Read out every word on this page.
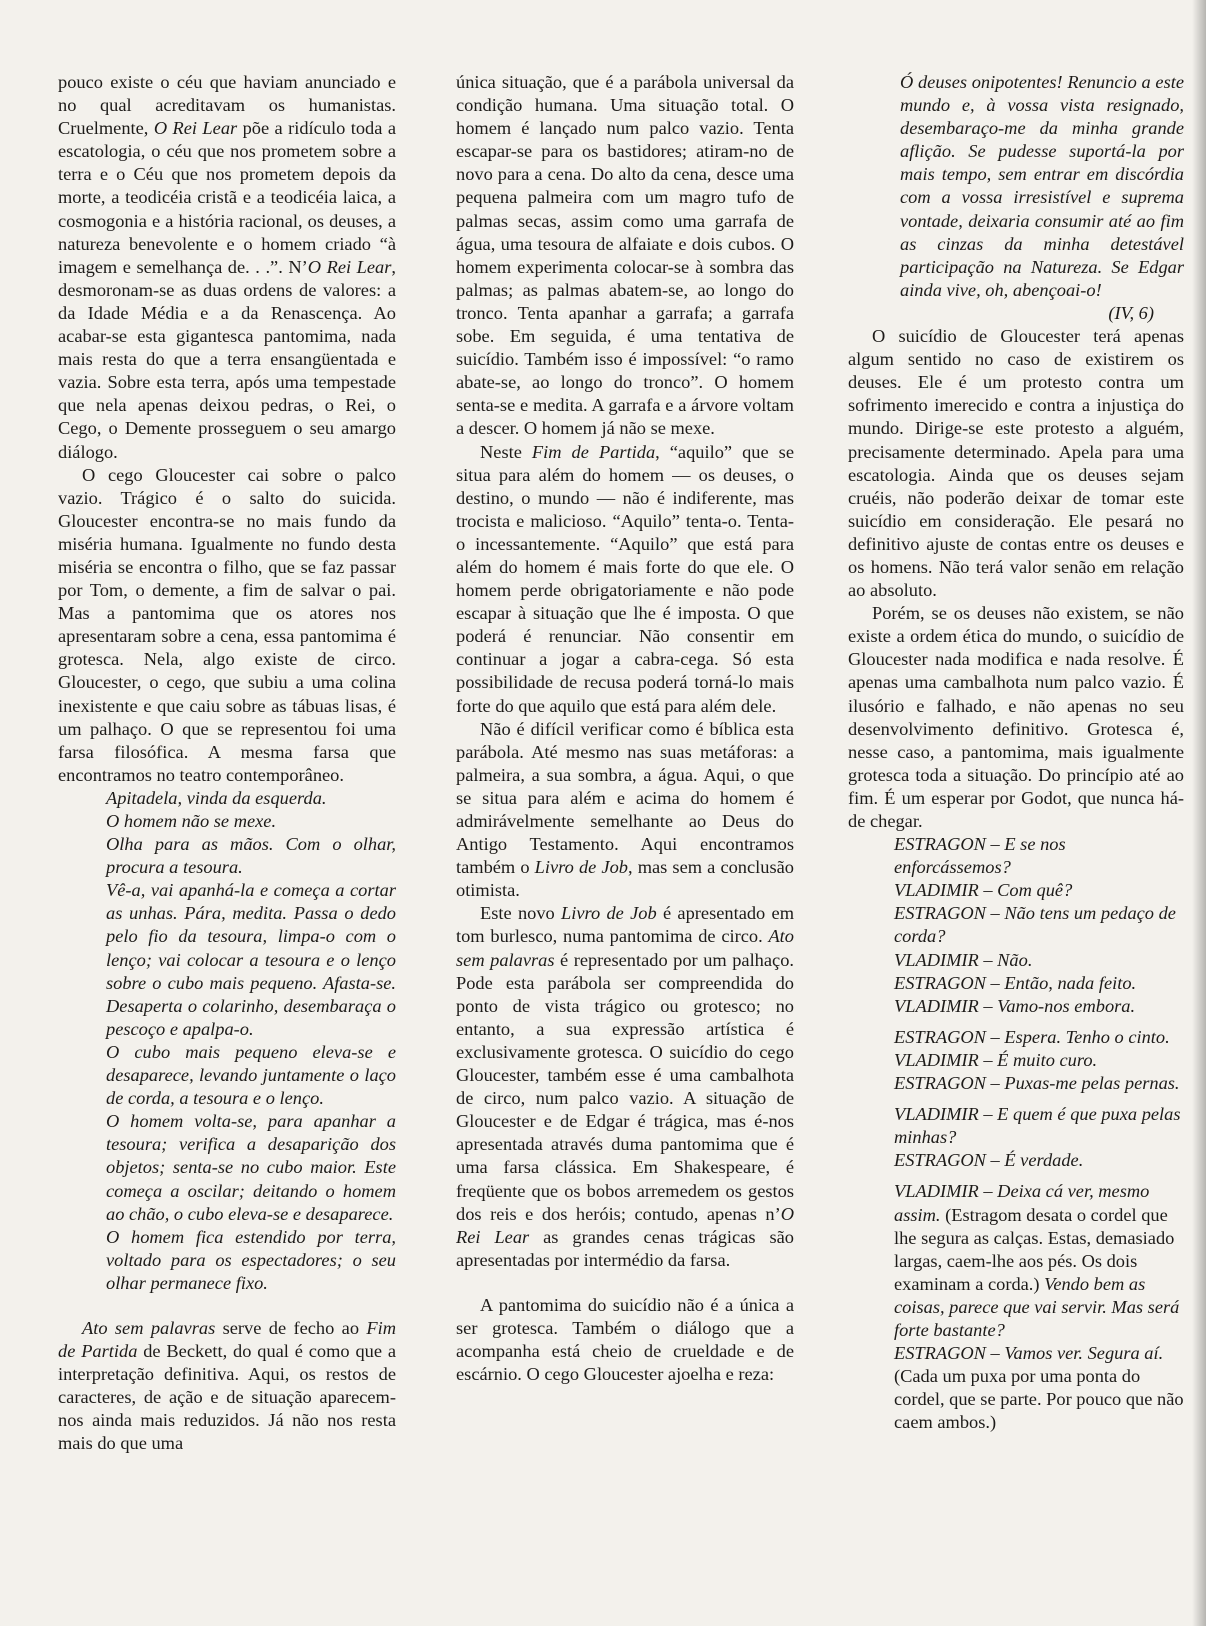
pouco existe o céu que haviam anunciado e no qual acreditavam os humanistas. Cruelmente, O Rei Lear põe a ridículo toda a escatologia, o céu que nos prometem sobre a terra e o Céu que nos prometem depois da morte, a teodicéia cristã e a teodicéia laica, a cosmogonia e a história racional, os deuses, a natureza benevolente e o homem criado “à imagem e semelhança de. . .”. N’O Rei Lear, desmoronam-se as duas ordens de valores: a da Idade Média e a da Renascença. Ao acabar-se esta gigantesca pantomima, nada mais resta do que a terra ensangüentada e vazia. Sobre esta terra, após uma tempestade que nela apenas deixou pedras, o Rei, o Cego, o Demente prosseguem o seu amargo diálogo.

O cego Gloucester cai sobre o palco vazio. Trágico é o salto do suicida. Gloucester encontra-se no mais fundo da miséria humana. Igualmente no fundo desta miséria se encontra o filho, que se faz passar por Tom, o demente, a fim de salvar o pai. Mas a pantomima que os atores nos apresentaram sobre a cena, essa pantomima é grotesca. Nela, algo existe de circo. Gloucester, o cego, que subiu a uma colina inexistente e que caiu sobre as tábuas lisas, é um palhaço. O que se representou foi uma farsa filosófica. A mesma farsa que encontramos no teatro contemporâneo.

Apitadela, vinda da esquerda.

O homem não se mexe.

Olha para as mãos. Com o olhar, procura a tesoura.

Vê-a, vai apanhá-la e começa a cortar as unhas. Pára, medita. Passa o dedo pelo fio da tesoura, limpa-o com o lenço; vai colocar a tesoura e o lenço sobre o cubo mais pequeno. Afasta-se. Desaperta o colarinho, desembaraça o pescoço e apalpa-o.

O cubo mais pequeno eleva-se e desaparece, levando juntamente o laço de corda, a tesoura e o lenço.

O homem volta-se, para apanhar a tesoura; verifica a desaparição dos objetos; senta-se no cubo maior. Este começa a oscilar; deitando o homem ao chão, o cubo eleva-se e desaparece.

O homem fica estendido por terra, voltado para os espectadores; o seu olhar permanece fixo.

Ato sem palavras serve de fecho ao Fim de Partida de Beckett, do qual é como que a interpretação definitiva. Aqui, os restos de caracteres, de ação e de situação aparecem-nos ainda mais reduzidos. Já não nos resta mais do que uma

única situação, que é a parábola universal da condição humana. Uma situação total. O homem é lançado num palco vazio. Tenta escapar-se para os bastidores; atiram-no de novo para a cena. Do alto da cena, desce uma pequena palmeira com um magro tufo de palmas secas, assim como uma garrafa de água, uma tesoura de alfaiate e dois cubos. O homem experimenta colocar-se à sombra das palmas; as palmas abatem-se, ao longo do tronco. Tenta apanhar a garrafa; a garrafa sobe. Em seguida, é uma tentativa de suicídio. Também isso é impossível: “o ramo abate-se, ao longo do tronco”. O homem senta-se e medita. A garrafa e a árvore voltam a descer. O homem já não se mexe.

Neste Fim de Partida, “aquilo” que se situa para além do homem — os deuses, o destino, o mundo — não é indiferente, mas trocista e malicioso. “Aquilo” tenta-o. Tenta-o incessantemente. “Aquilo” que está para além do homem é mais forte do que ele. O homem perde obrigatoriamente e não pode escapar à situação que lhe é imposta. O que poderá é renunciar. Não consentir em continuar a jogar a cabra-cega. Só esta possibilidade de recusa poderá torná-lo mais forte do que aquilo que está para além dele.

Não é difícil verificar como é bíblica esta parábola. Até mesmo nas suas metáforas: a palmeira, a sua sombra, a água. Aqui, o que se situa para além e acima do homem é admirávelmente semelhante ao Deus do Antigo Testamento. Aqui encontramos também o Livro de Job, mas sem a conclusão otimista.

Este novo Livro de Job é apresentado em tom burlesco, numa pantomima de circo. Ato sem palavras é representado por um palhaço. Pode esta parábola ser compreendida do ponto de vista trágico ou grotesco; no entanto, a sua expressão artística é exclusivamente grotesca. O suicídio do cego Gloucester, também esse é uma cambalhota de circo, num palco vazio. A situação de Gloucester e de Edgar é trágica, mas é-nos apresentada através duma pantomima que é uma farsa clássica. Em Shakespeare, é freqüente que os bobos arremedem os gestos dos reis e dos heróis; contudo, apenas n’O Rei Lear as grandes cenas trágicas são apresentadas por intermédio da farsa.

A pantomima do suicídio não é a única a ser grotesca. Também o diálogo que a acompanha está cheio de crueldade e de escárnio. O cego Gloucester ajoelha e reza:

Ó deuses onipotentes! Renuncio a este mundo e, à vossa vista resignado, desembaraço-me da minha grande aflição. Se pudesse suportá-la por mais tempo, sem entrar em discórdia com a vossa irresistível e suprema vontade, deixaria consumir até ao fim as cinzas da minha detestável participação na Natureza. Se Edgar ainda vive, oh, abençoai-o!

(IV, 6)

O suicídio de Gloucester terá apenas algum sentido no caso de existirem os deuses. Ele é um protesto contra um sofrimento imerecido e contra a injustiça do mundo. Dirige-se este protesto a alguém, precisamente determinado. Apela para uma escatologia. Ainda que os deuses sejam cruéis, não poderão deixar de tomar este suicídio em consideração. Ele pesará no definitivo ajuste de contas entre os deuses e os homens. Não terá valor senão em relação ao absoluto.

Porém, se os deuses não existem, se não existe a ordem ética do mundo, o suicídio de Gloucester nada modifica e nada resolve. É apenas uma cambalhota num palco vazio. É ilusório e falhado, e não apenas no seu desenvolvimento definitivo. Grotesca é, nesse caso, a pantomima, mais igualmente grotesca toda a situação. Do princípio até ao fim. É um esperar por Godot, que nunca há-de chegar.

ESTRAGON – E se nos enforcássemos?

VLADIMIR – Com quê?

ESTRAGON – Não tens um pedaço de corda?

VLADIMIR – Não.

ESTRAGON – Então, nada feito.

VLADIMIR – Vamo-nos embora.

ESTRAGON – Espera. Tenho o cinto.

VLADIMIR – É muito curo.

ESTRAGON – Puxas-me pelas pernas.

VLADIMIR – E quem é que puxa pelas minhas?

ESTRAGON – É verdade.

VLADIMIR – Deixa cá ver, mesmo assim. (Estragom desata o cordel que lhe segura as calças. Estas, demasiado largas, caem-lhe aos pés. Os dois examinam a corda.) Vendo bem as coisas, parece que vai servir. Mas será forte bastante?

ESTRAGON – Vamos ver. Segura aí. (Cada um puxa por uma ponta do cordel, que se parte. Por pouco que não caem ambos.)
